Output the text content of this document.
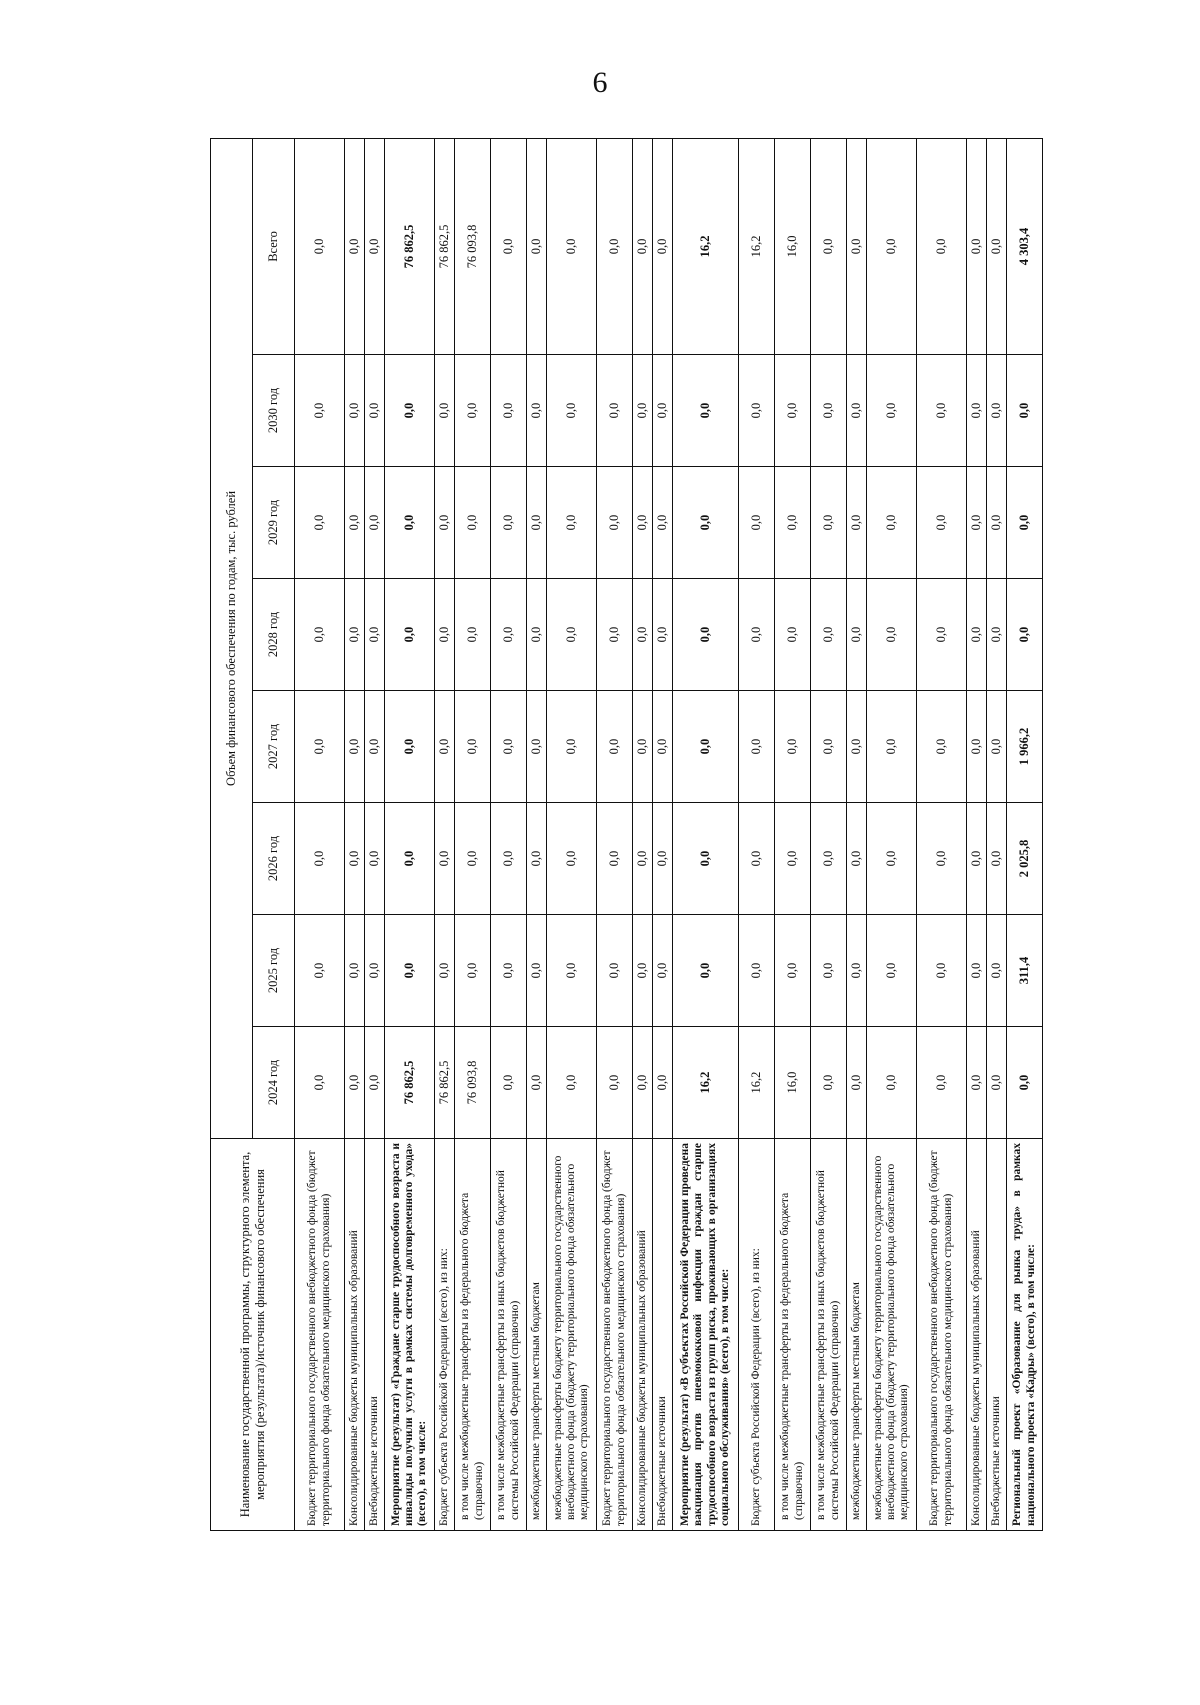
6
Наименование государственной программы, структурного элемента, мероприятия (результата)/источник финансового обеспечения	Объем финансового обеспечения по годам, тыс. рублей							
	2024 год	2025 год	2026 год	2027 год	2028 год	2029 год	2030 год	Всего
Бюджет территориального государственного внебюджетного фонда (бюджет территориального фонда обязательного медицинского страхования)	0,0	0,0	0,0	0,0	0,0	0,0	0,0	0,0
Консолидированные бюджеты муниципальных образований	0,0	0,0	0,0	0,0	0,0	0,0	0,0	0,0
Внебюджетные источники	0,0	0,0	0,0	0,0	0,0	0,0	0,0	0,0
Мероприятие (результат) «Граждане старше трудоспособного возраста и инвалиды получили услуги в рамках системы долговременного ухода» (всего), в том числе:	76 862,5	0,0	0,0	0,0	0,0	0,0	0,0	76 862,5
Бюджет субъекта Российской Федерации (всего), из них:	76 862,5	0,0	0,0	0,0	0,0	0,0	0,0	76 862,5
в том числе межбюджетные трансферты из федерального бюджета (справочно)	76 093,8	0,0	0,0	0,0	0,0	0,0	0,0	76 093,8
в том числе межбюджетные трансферты из иных бюджетов бюджетной системы Российской Федерации (справочно)	0,0	0,0	0,0	0,0	0,0	0,0	0,0	0,0
межбюджетные трансферты местным бюджетам	0,0	0,0	0,0	0,0	0,0	0,0	0,0	0,0
межбюджетные трансферты бюджету территориального государственного внебюджетного фонда (бюджету территориального фонда обязательного медицинского страхования)	0,0	0,0	0,0	0,0	0,0	0,0	0,0	0,0
Бюджет территориального государственного внебюджетного фонда (бюджет территориального фонда обязательного медицинского страхования)	0,0	0,0	0,0	0,0	0,0	0,0	0,0	0,0
Консолидированные бюджеты муниципальных образований	0,0	0,0	0,0	0,0	0,0	0,0	0,0	0,0
Внебюджетные источники	0,0	0,0	0,0	0,0	0,0	0,0	0,0	0,0
Мероприятие (результат) «В субъектах Российской Федерации проведена вакцинация против пневмококковой инфекции граждан старше трудоспособного возраста из групп риска, проживающих в организациях социального обслуживания» (всего), в том числе:	16,2	0,0	0,0	0,0	0,0	0,0	0,0	16,2
Бюджет субъекта Российской Федерации (всего), из них:	16,2	0,0	0,0	0,0	0,0	0,0	0,0	16,2
в том числе межбюджетные трансферты из федерального бюджета (справочно)	16,0	0,0	0,0	0,0	0,0	0,0	0,0	16,0
в том числе межбюджетные трансферты из иных бюджетов бюджетной системы Российской Федерации (справочно)	0,0	0,0	0,0	0,0	0,0	0,0	0,0	0,0
межбюджетные трансферты местным бюджетам	0,0	0,0	0,0	0,0	0,0	0,0	0,0	0,0
межбюджетные трансферты бюджету территориального государственного внебюджетного фонда (бюджету территориального фонда обязательного медицинского страхования)	0,0	0,0	0,0	0,0	0,0	0,0	0,0	0,0
Бюджет территориального государственного внебюджетного фонда (бюджет территориального фонда обязательного медицинского страхования)	0,0	0,0	0,0	0,0	0,0	0,0	0,0	0,0
Консолидированные бюджеты муниципальных образований	0,0	0,0	0,0	0,0	0,0	0,0	0,0	0,0
Внебюджетные источники	0,0	0,0	0,0	0,0	0,0	0,0	0,0	0,0
Региональный проект «Образование для рынка труда» в рамках национального проекта «Кадры» (всего), в том числе:	0,0	311,4	2 025,8	1 966,2	0,0	0,0	0,0	4 303,4
